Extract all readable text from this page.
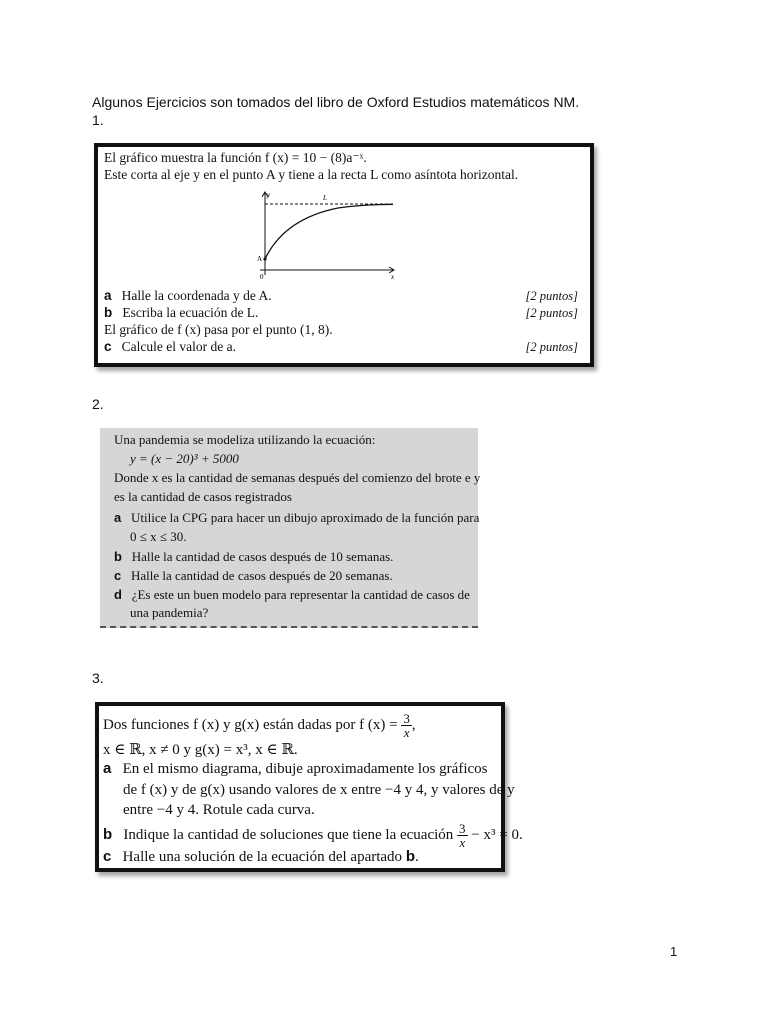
Algunos Ejercicios son tomados del libro de Oxford Estudios matemáticos NM.
1.
El gráfico muestra la función f (x) = 10 − (8)a⁻ˣ.
Este corta al eje y en el punto A y tiene a la recta L como asíntota horizontal.
y
x
L
A
0
a Halle la coordenada y de A.	[2 puntos]
b Escriba la ecuación de L.	[2 puntos]
El gráfico de f (x) pasa por el punto (1, 8).
c Calcule el valor de a.	[2 puntos]
2.
Una pandemia se modeliza utilizando la ecuación:
y = (x − 20)³ + 5000
Donde x es la cantidad de semanas después del comienzo del brote e y
es la cantidad de casos registrados
a Utilice la CPG para hacer un dibujo aproximado de la función para
0 ≤ x ≤ 30.
b Halle la cantidad de casos después de 10 semanas.
c Halle la cantidad de casos después de 20 semanas.
d ¿Es este un buen modelo para representar la cantidad de casos de
una pandemia?
3.
Dos funciones f (x) y g(x) están dadas por f $(x) = \frac{3}{x}$ ,
x ∈ ℝ, x ≠ 0 y g(x) = x³, x ∈ ℝ.
a En el mismo diagrama, dibuje aproximadamente los gráficos
de f (x) y de g(x) usando valores de x entre −4 y 4, y valores de y
entre −4 y 4. Rotule cada curva.
b Indique la cantidad de soluciones que tiene la ecuación $\frac{3}{x} - x^3 = 0$.
c Halle una solución de la ecuación del apartado b.
1
